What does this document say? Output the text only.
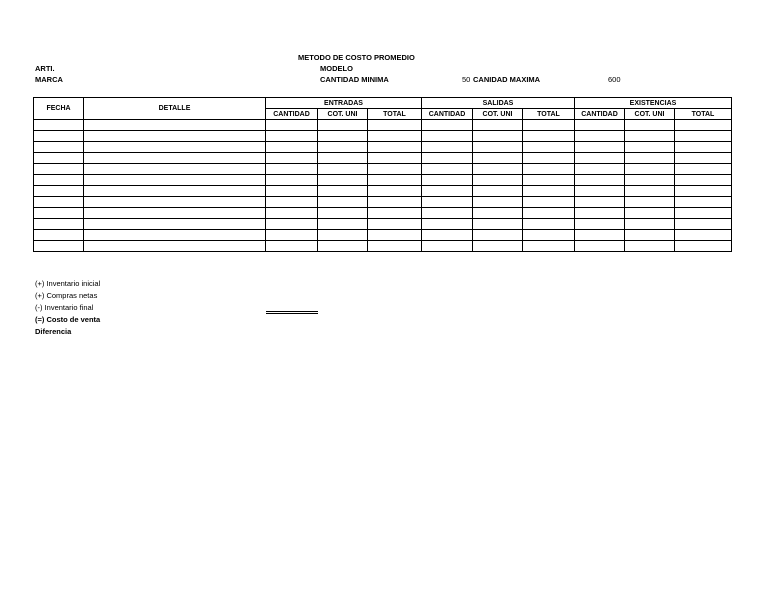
METODO DE COSTO PROMEDIO
ARTI.	MODELO
MARCA	CANTIDAD MINIMA	50 CANIDAD MAXIMA	600
FECHA	DETALLE	ENTRADAS			SALIDAS			EXISTENCIAS		
		CANTIDAD	COT. UNI	TOTAL	CANTIDAD	COT. UNI	TOTAL	CANTIDAD	COT. UNI	TOTAL

(+) Inventario inicial
(+) Compras netas
(-) Inventario final
(=) Costo de venta
Diferencia
